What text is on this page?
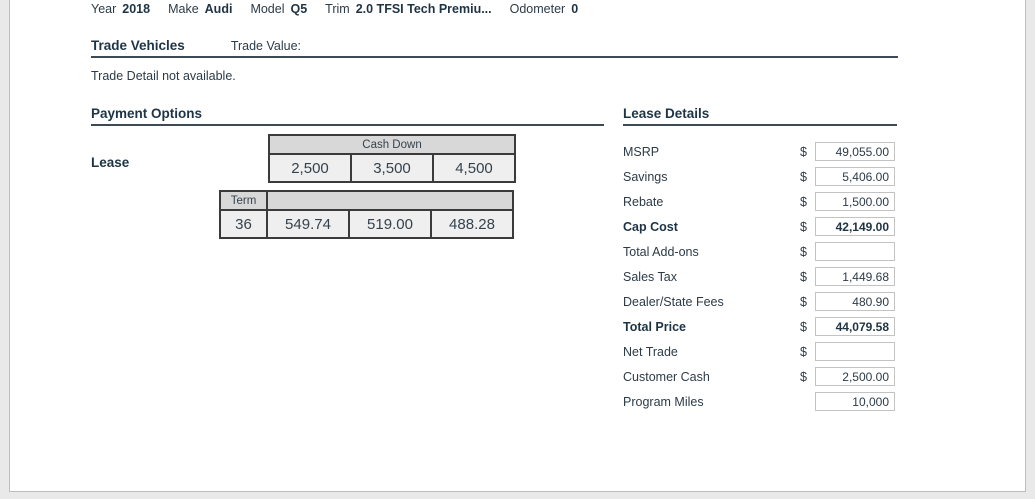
Year 2018 Make Audi Model Q5 Trim 2.0 TFSI Tech Premiu... Odometer 0
Trade Vehicles	Trade Value:
Trade Detail not available.
Payment Options
Lease
Cash Down
2,500	3,500	4,500
Term			
36	549.74	519.00	488.28
Lease Details
MSRP	$	49,055.00
Savings	$	5,406.00
Rebate	$	1,500.00
Cap Cost	$	42,149.00
Total Add-ons	$
Sales Tax	$	1,449.68
Dealer/State Fees	$	480.90
Total Price	$	44,079.58
Net Trade	$
Customer Cash	$	2,500.00
Program Miles	10,000
